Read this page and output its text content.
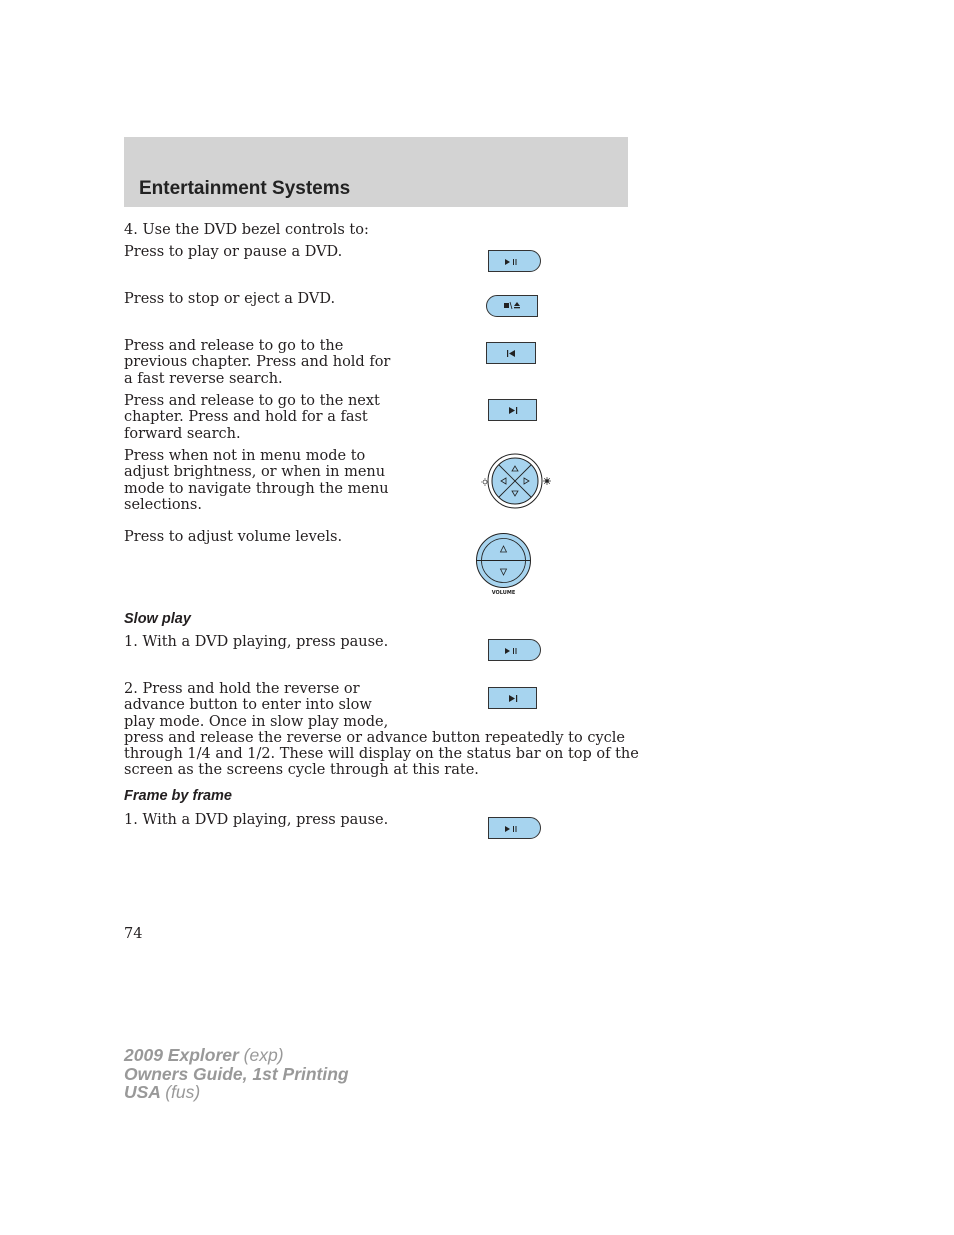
Entertainment Systems
4. Use the DVD bezel controls to:
Press to play or pause a DVD.
Press to stop or eject a DVD.
Press and release to go to the
previous chapter. Press and hold for
a fast reverse search.
Press and release to go to the next
chapter. Press and hold for a fast
forward search.
Press when not in menu mode to
adjust brightness, or when in menu
mode to navigate through the menu
selections.
Press to adjust volume levels.
VOLUME
Slow play
1. With a DVD playing, press pause.
2. Press and hold the reverse or
advance button to enter into slow
play mode. Once in slow play mode,
press and release the reverse or advance button repeatedly to cycle
through 1/4 and 1/2. These will display on the status bar on top of the
screen as the screens cycle through at this rate.
Frame by frame
1. With a DVD playing, press pause.
74
2009 Explorer (exp)
Owners Guide, 1st Printing
USA (fus)
